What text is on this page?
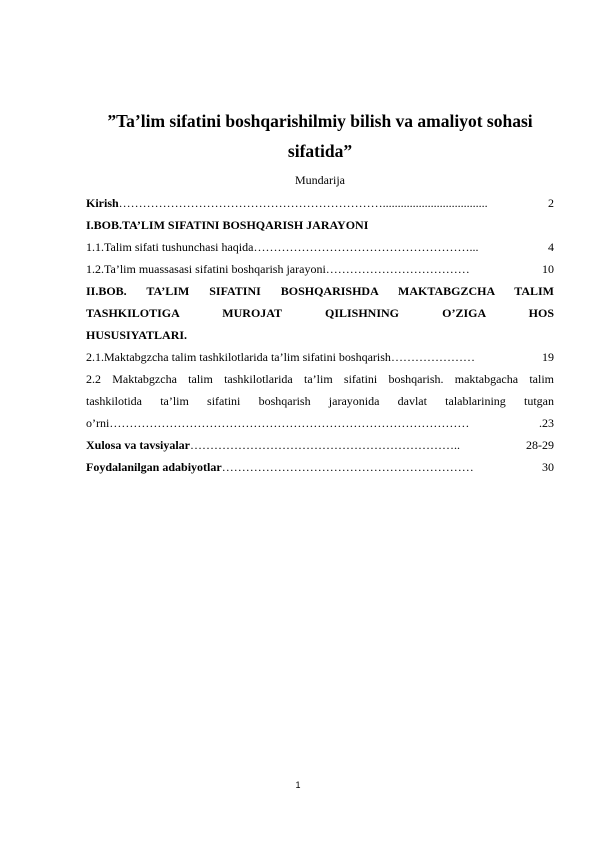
”Ta’lim sifatini boshqarishilmiy bilish va amaliyot sohasi sifatida”
Mundarija
Kirish …………………………………………………………...................................	2
I.BOB.TA’LIM SIFATINI BOSHQARISH JARAYONI
1.1.Talim sifati tushunchasi haqida ………………………………………………...	4
1.2.Ta’lim muassasasi sifatini boshqarish jarayoni ………………………………	10
II.BOB. TA’LIM SIFATINI BOSHQARISHDA MAKTABGZCHA TALIM
TASHKILOTIGA MUROJAT QILISHNING O’ZIGA HOS
HUSUSIYATLARI.
2.1.Maktabgzcha talim tashkilotlarida ta’lim sifatini boshqarish …………………	19
2.2 Maktabgzcha talim tashkilotlarida ta’lim sifatini boshqarish. maktabgacha talim
tashkilotida ta’lim sifatini boshqarish jarayonida davlat talablarining tutgan
o’rni ………………………………………………………………………………	.23
Xulosa va tavsiyalar …………………………………………………………..	28-29
Foydalanilgan adabiyotlar ………………………………………………………	30
1
